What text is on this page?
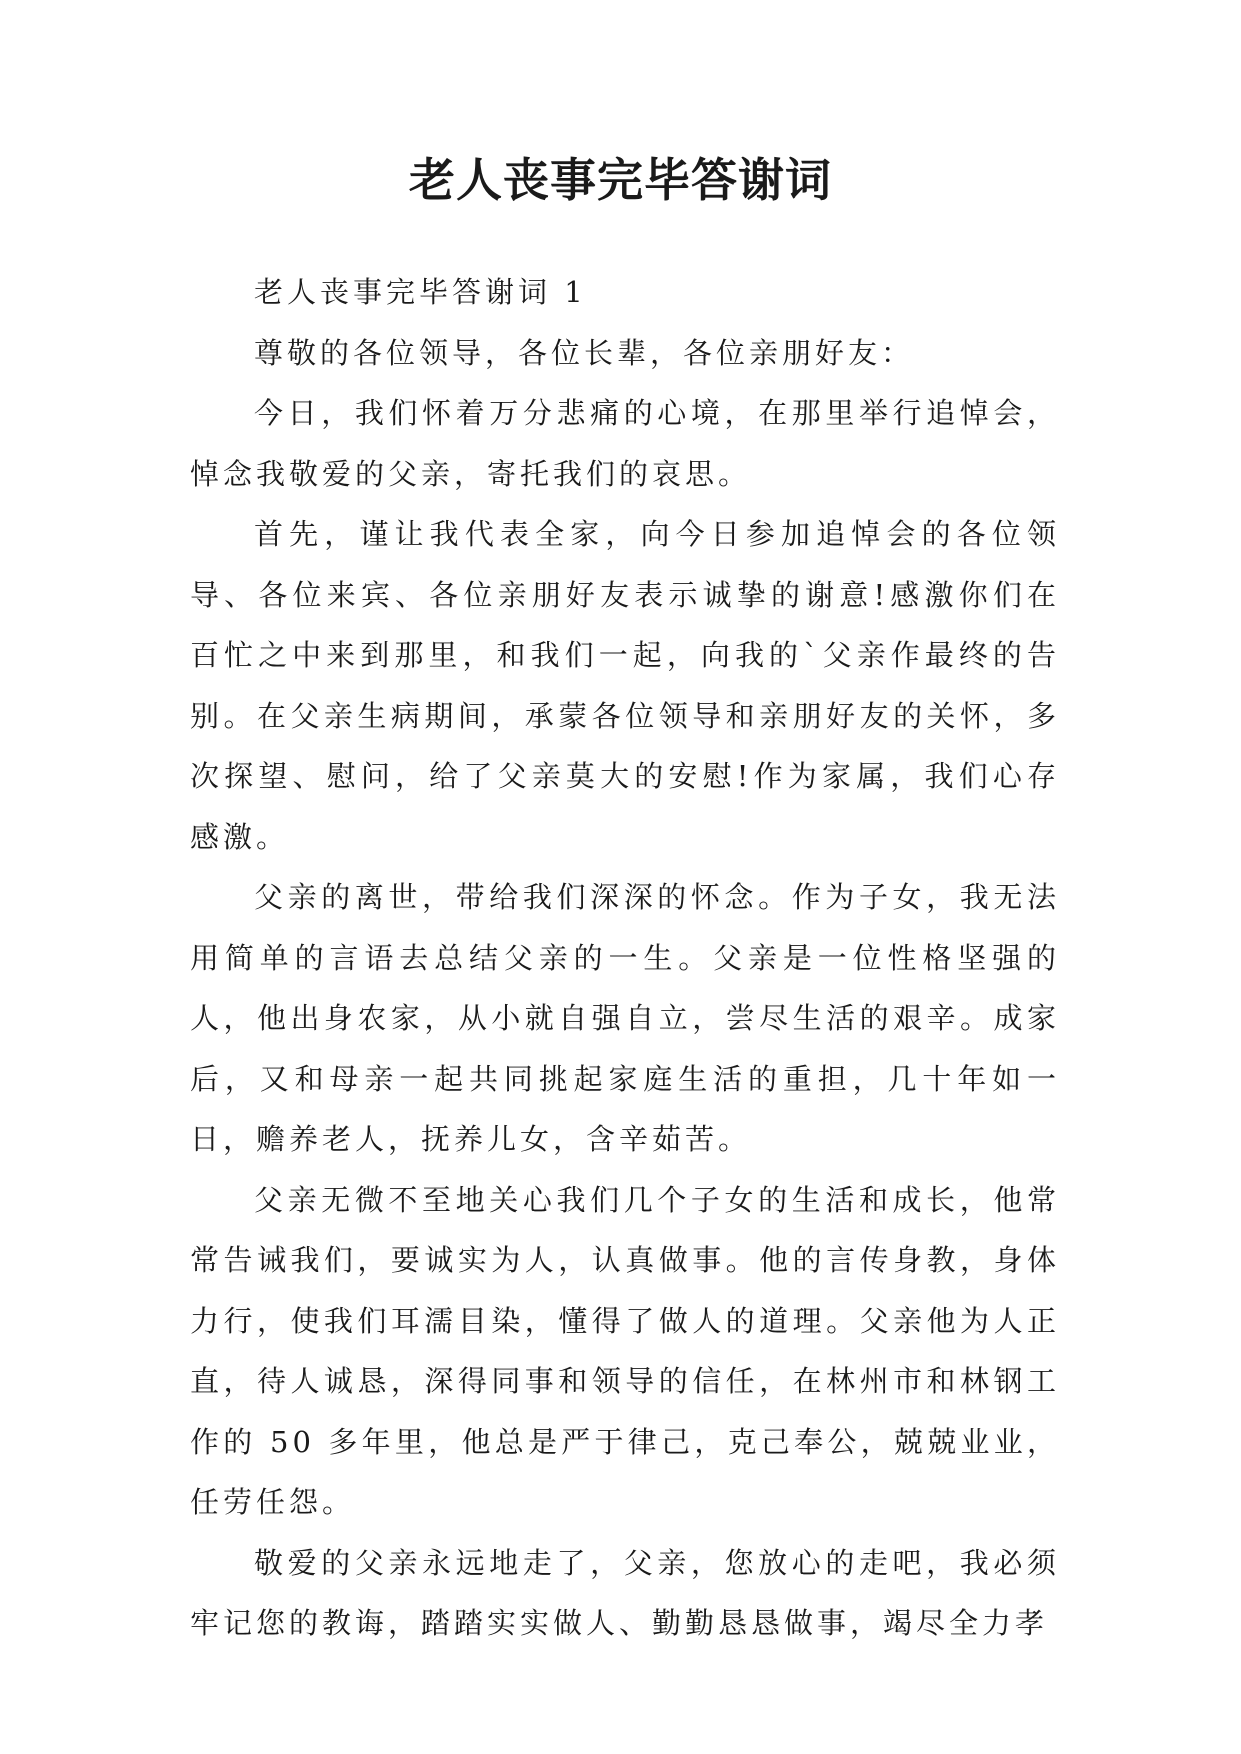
老人丧事完毕答谢词

老人丧事完毕答谢词 1

尊敬的各位领导，各位长辈，各位亲朋好友：

今日，我们怀着万分悲痛的心境，在那里举行追悼会，悼念我敬爱的父亲，寄托我们的哀思。

首先，谨让我代表全家，向今日参加追悼会的各位领导、各位来宾、各位亲朋好友表示诚挚的谢意!感激你们在百忙之中来到那里，和我们一起，向我的`父亲作最终的告别。在父亲生病期间，承蒙各位领导和亲朋好友的关怀，多次探望、慰问，给了父亲莫大的安慰!作为家属，我们心存感激。

父亲的离世，带给我们深深的怀念。作为子女，我无法用简单的言语去总结父亲的一生。父亲是一位性格坚强的人，他出身农家，从小就自强自立，尝尽生活的艰辛。成家后，又和母亲一起共同挑起家庭生活的重担，几十年如一日，赡养老人，抚养儿女，含辛茹苦。

父亲无微不至地关心我们几个子女的生活和成长，他常常告诫我们，要诚实为人，认真做事。他的言传身教，身体力行，使我们耳濡目染，懂得了做人的道理。父亲他为人正直，待人诚恳，深得同事和领导的信任，在林州市和林钢工作的 50 多年里，他总是严于律己，克己奉公，兢兢业业，任劳任怨。

敬爱的父亲永远地走了，父亲，您放心的走吧，我必须牢记您的教诲，踏踏实实做人、勤勤恳恳做事，竭尽全力孝
